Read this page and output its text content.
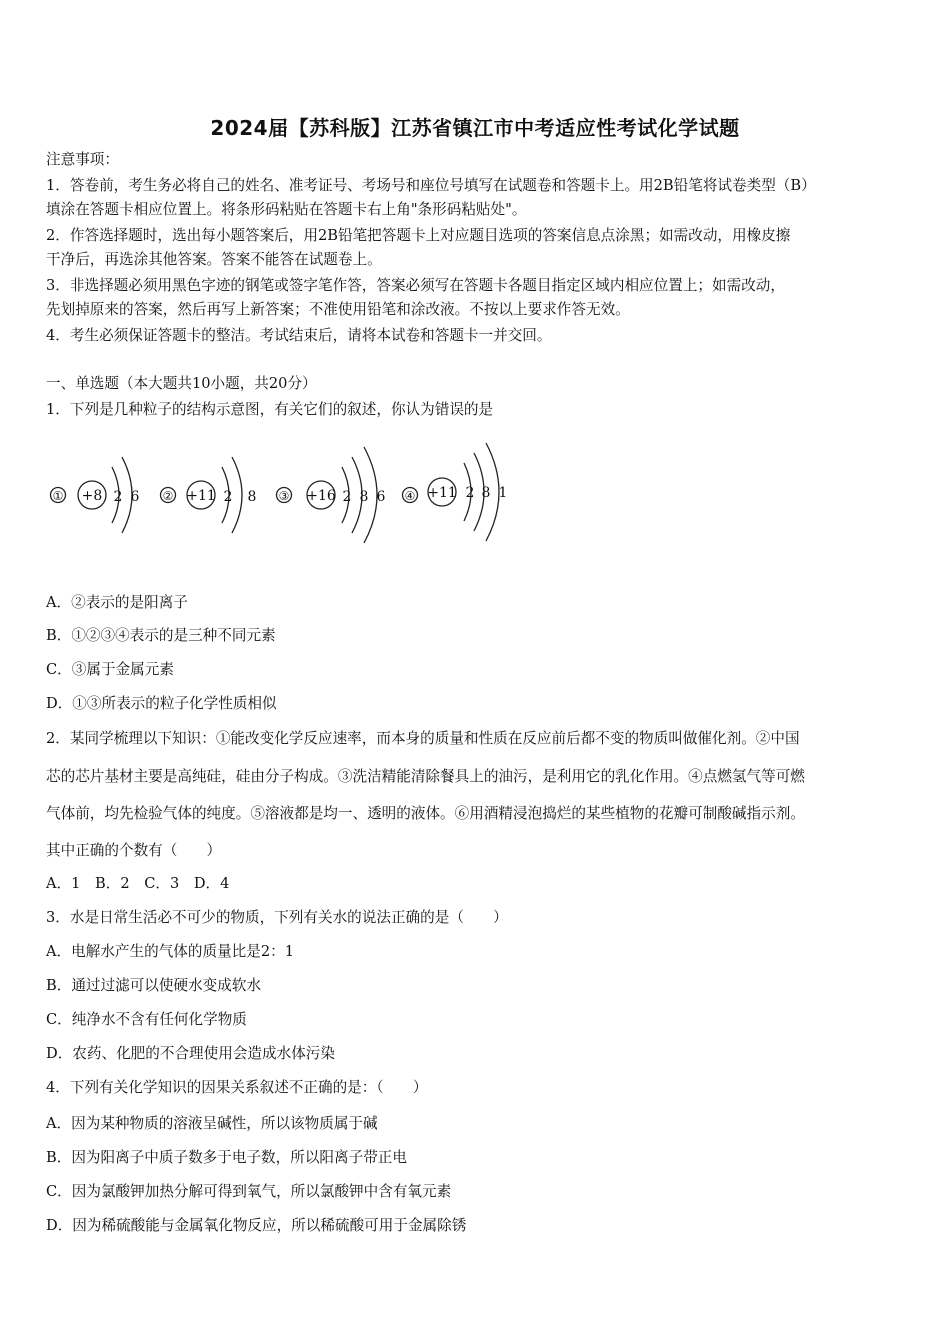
2024届【苏科版】江苏省镇江市中考适应性考试化学试题
注意事项：
1．答卷前，考生务必将自己的姓名、准考证号、考场号和座位号填写在试题卷和答题卡上。用2B铅笔将试卷类型（B）
填涂在答题卡相应位置上。将条形码粘贴在答题卡右上角"条形码粘贴处"。
2．作答选择题时，选出每小题答案后，用2B铅笔把答题卡上对应题目选项的答案信息点涂黑；如需改动，用橡皮擦
干净后，再选涂其他答案。答案不能答在试题卷上。
3．非选择题必须用黑色字迹的钢笔或签字笔作答，答案必须写在答题卡各题目指定区域内相应位置上；如需改动，
先划掉原来的答案，然后再写上新答案；不准使用铅笔和涂改液。不按以上要求作答无效。
4．考生必须保证答题卡的整洁。考试结束后，请将本试卷和答题卡一并交回。
一、单选题（本大题共10小题，共20分）
1．下列是几种粒子的结构示意图，有关它们的叙述，你认为错误的是
① +8 2 6 ② +11 2 8 ③ +16 2 8 6 ④ +11 2 8 1
A．②表示的是阳离子
B．①②③④表示的是三种不同元素
C．③属于金属元素
D．①③所表示的粒子化学性质相似
2．某同学梳理以下知识：①能改变化学反应速率，而本身的质量和性质在反应前后都不变的物质叫做催化剂。②中国
芯的芯片基材主要是高纯硅，硅由分子构成。③洗洁精能清除餐具上的油污，是利用它的乳化作用。④点燃氢气等可燃
气体前，均先检验气体的纯度。⑤溶液都是均一、透明的液体。⑥用酒精浸泡捣烂的某些植物的花瓣可制酸碱指示剂。
其中正确的个数有（　　）
A．1　B．2　C．3　D．4
3．水是日常生活必不可少的物质，下列有关水的说法正确的是（　　）
A．电解水产生的气体的质量比是2：1
B．通过过滤可以使硬水变成软水
C．纯净水不含有任何化学物质
D．农药、化肥的不合理使用会造成水体污染
4．下列有关化学知识的因果关系叙述不正确的是：（　　）
A．因为某种物质的溶液呈碱性，所以该物质属于碱
B．因为阳离子中质子数多于电子数，所以阳离子带正电
C．因为氯酸钾加热分解可得到氧气，所以氯酸钾中含有氧元素
D．因为稀硫酸能与金属氧化物反应，所以稀硫酸可用于金属除锈
